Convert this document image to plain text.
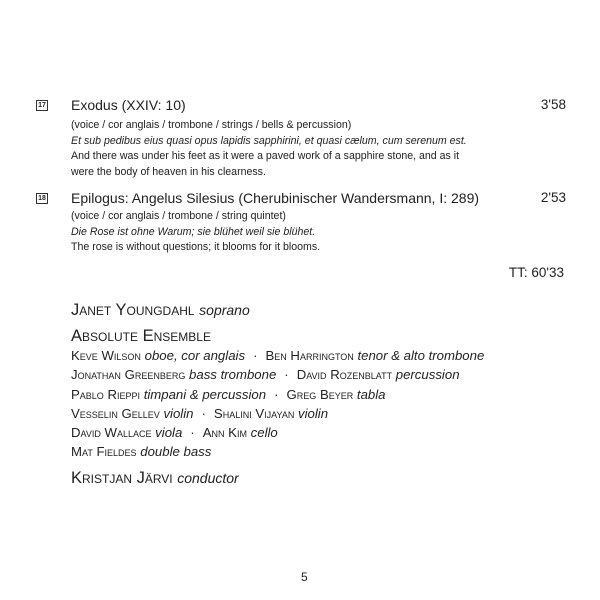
17 Exodus (XXIV: 10)	3'58
(voice / cor anglais / trombone / strings / bells & percussion)
Et sub pedibus eius quasi opus lapidis sapphirini, et quasi cælum, cum serenum est.
And there was under his feet as it were a paved work of a sapphire stone, and as it
were the body of heaven in his clearness.
18 Epilogus: Angelus Silesius (Cherubinischer Wandersmann, I: 289)	2'53
(voice / cor anglais / trombone / string quintet)
Die Rose ist ohne Warum; sie blühet weil sie blühet.
The rose is without questions; it blooms for it blooms.
TT: 60'33
Janet Youngdahl soprano
Absolute Ensemble
Keve Wilson oboe, cor anglais · Ben Harrington tenor & alto trombone
Jonathan Greenberg bass trombone · David Rozenblatt percussion
Pablo Rieppi timpani & percussion · Greg Beyer tabla
Vesselin Gellev violin · Shalini Vijayan violin
David Wallace viola · Ann Kim cello
Mat Fieldes double bass
Kristjan Järvi conductor
5
